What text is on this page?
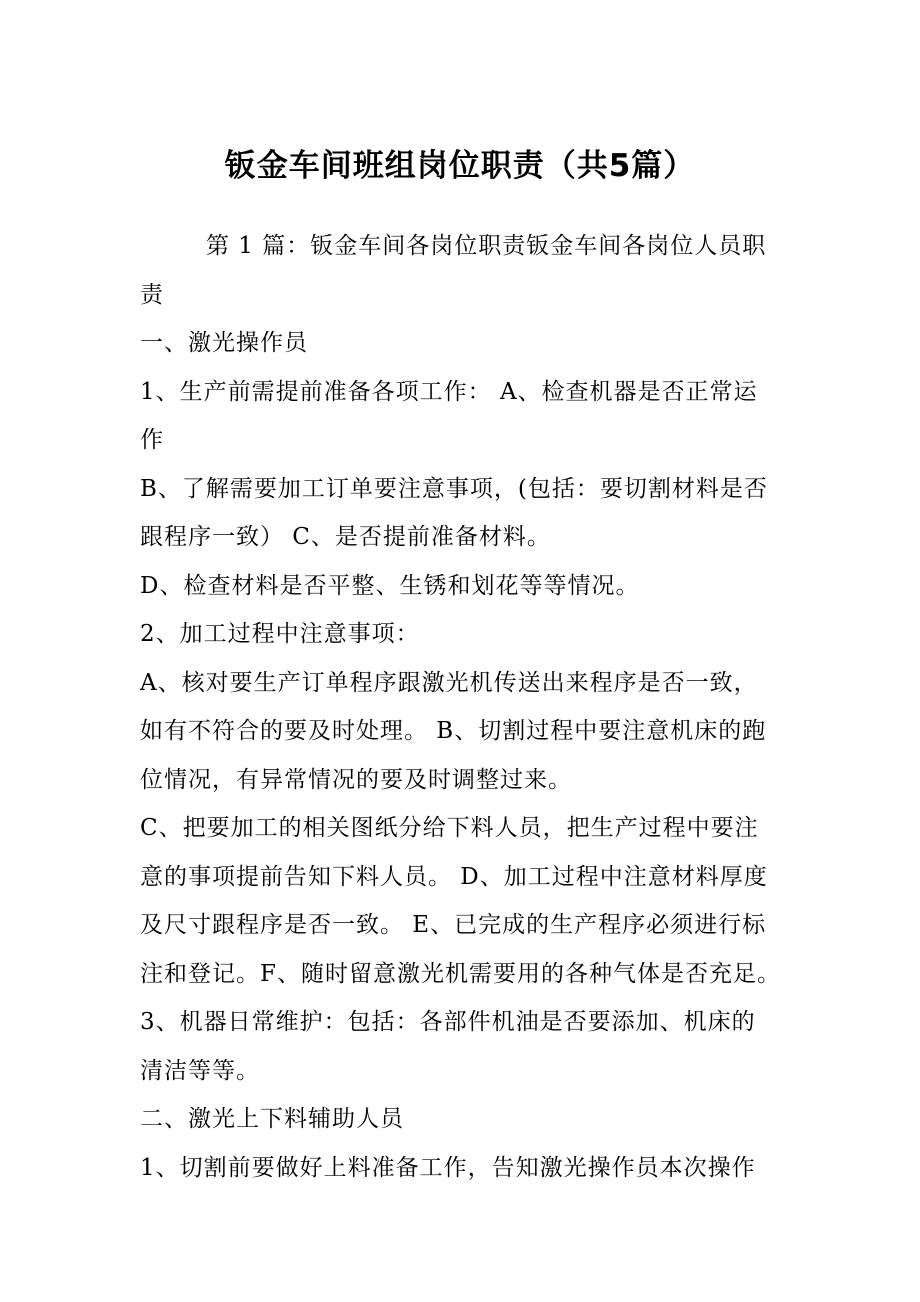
钣金车间班组岗位职责（共5篇）
第 1 篇：钣金车间各岗位职责钣金车间各岗位人员职
责
一、激光操作员
1、生产前需提前准备各项工作： A、检查机器是否正常运
作
B、了解需要加工订单要注意事项，(包括：要切割材料是否
跟程序一致） C、是否提前准备材料。
D、检查材料是否平整、生锈和划花等等情况。
2、加工过程中注意事项：
A、核对要生产订单程序跟激光机传送出来程序是否一致，
如有不符合的要及时处理。 B、切割过程中要注意机床的跑
位情况，有异常情况的要及时调整过来。
C、把要加工的相关图纸分给下料人员，把生产过程中要注
意的事项提前告知下料人员。 D、加工过程中注意材料厚度
及尺寸跟程序是否一致。 E、已完成的生产程序必须进行标
注和登记。F、随时留意激光机需要用的各种气体是否充足。
3、机器日常维护：包括：各部件机油是否要添加、机床的
清洁等等。
二、激光上下料辅助人员
1、切割前要做好上料准备工作，告知激光操作员本次操作
